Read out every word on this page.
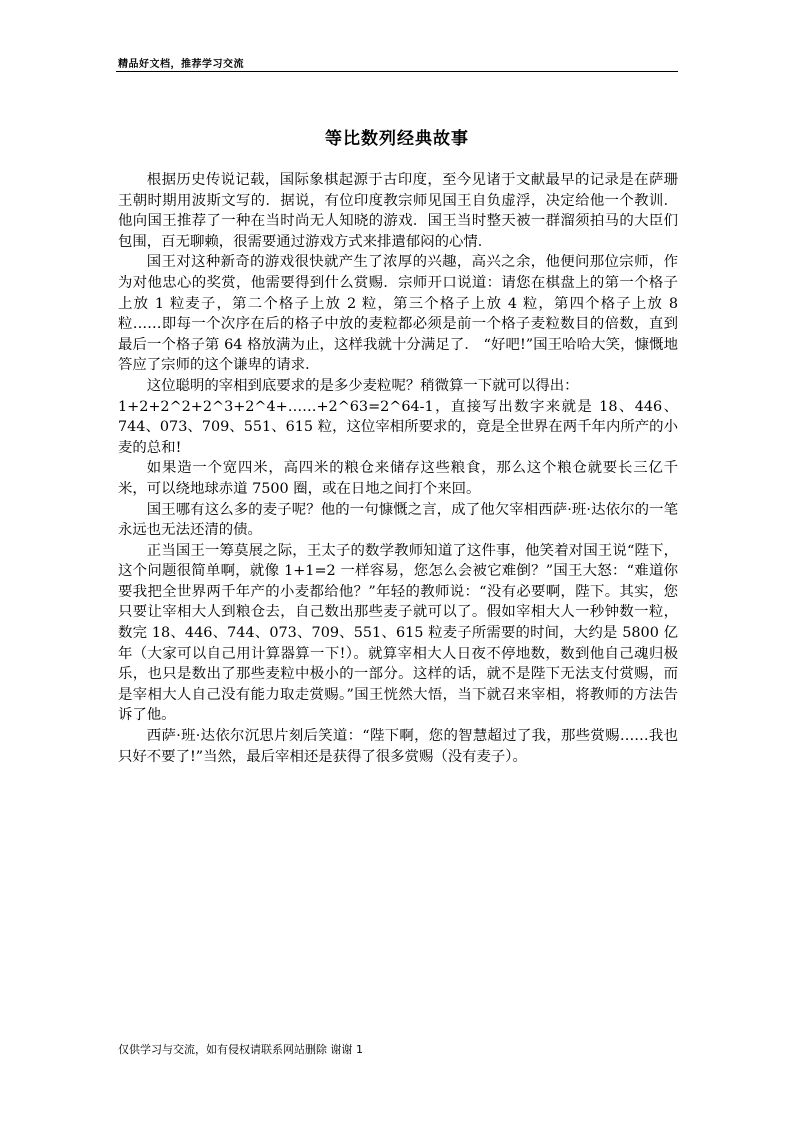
精品好文档，推荐学习交流
等比数列经典故事

根据历史传说记载，国际象棋起源于古印度，至今见诸于文献最早的记录是在萨珊王朝时期用波斯文写的．据说，有位印度教宗师见国王自负虚浮，决定给他一个教训．他向国王推荐了一种在当时尚无人知晓的游戏．国王当时整天被一群溜须拍马的大臣们包围，百无聊赖，很需要通过游戏方式来排遣郁闷的心情．

国王对这种新奇的游戏很快就产生了浓厚的兴趣，高兴之余，他便问那位宗师，作为对他忠心的奖赏，他需要得到什么赏赐．宗师开口说道：请您在棋盘上的第一个格子上放 1 粒麦子，第二个格子上放 2 粒，第三个格子上放 4 粒，第四个格子上放 8 粒……即每一个次序在后的格子中放的麦粒都必须是前一个格子麦粒数目的倍数，直到最后一个格子第 64 格放满为止，这样我就十分满足了． “好吧!”国王哈哈大笑，慷慨地答应了宗师的这个谦卑的请求．

这位聪明的宰相到底要求的是多少麦粒呢？稍微算一下就可以得出：

1+2+2^2+2^3+2^4+……+2^63=2^64-1，直接写出数字来就是 18、446、744、073、709、551、615 粒，这位宰相所要求的，竟是全世界在两千年内所产的小麦的总和!

如果造一个宽四米，高四米的粮仓来储存这些粮食，那么这个粮仓就要长三亿千米，可以绕地球赤道 7500 圈，或在日地之间打个来回。

国王哪有这么多的麦子呢？他的一句慷慨之言，成了他欠宰相西萨·班·达依尔的一笔永远也无法还清的债。

正当国王一筹莫展之际，王太子的数学教师知道了这件事，他笑着对国王说“陛下，这个问题很简单啊，就像 1+1=2 一样容易，您怎么会被它难倒？”国王大怒：“难道你要我把全世界两千年产的小麦都给他？”年轻的教师说：“没有必要啊，陛下。其实，您只要让宰相大人到粮仓去，自己数出那些麦子就可以了。假如宰相大人一秒钟数一粒，数完 18、446、744、073、709、551、615 粒麦子所需要的时间，大约是 5800 亿年（大家可以自己用计算器算一下!）。就算宰相大人日夜不停地数，数到他自己魂归极乐，也只是数出了那些麦粒中极小的一部分。这样的话，就不是陛下无法支付赏赐，而是宰相大人自己没有能力取走赏赐。”国王恍然大悟，当下就召来宰相，将教师的方法告诉了他。

西萨·班·达依尔沉思片刻后笑道：“陛下啊，您的智慧超过了我，那些赏赐……我也只好不要了!”当然，最后宰相还是获得了很多赏赐（没有麦子）。

仅供学习与交流，如有侵权请联系网站删除 谢谢 1
